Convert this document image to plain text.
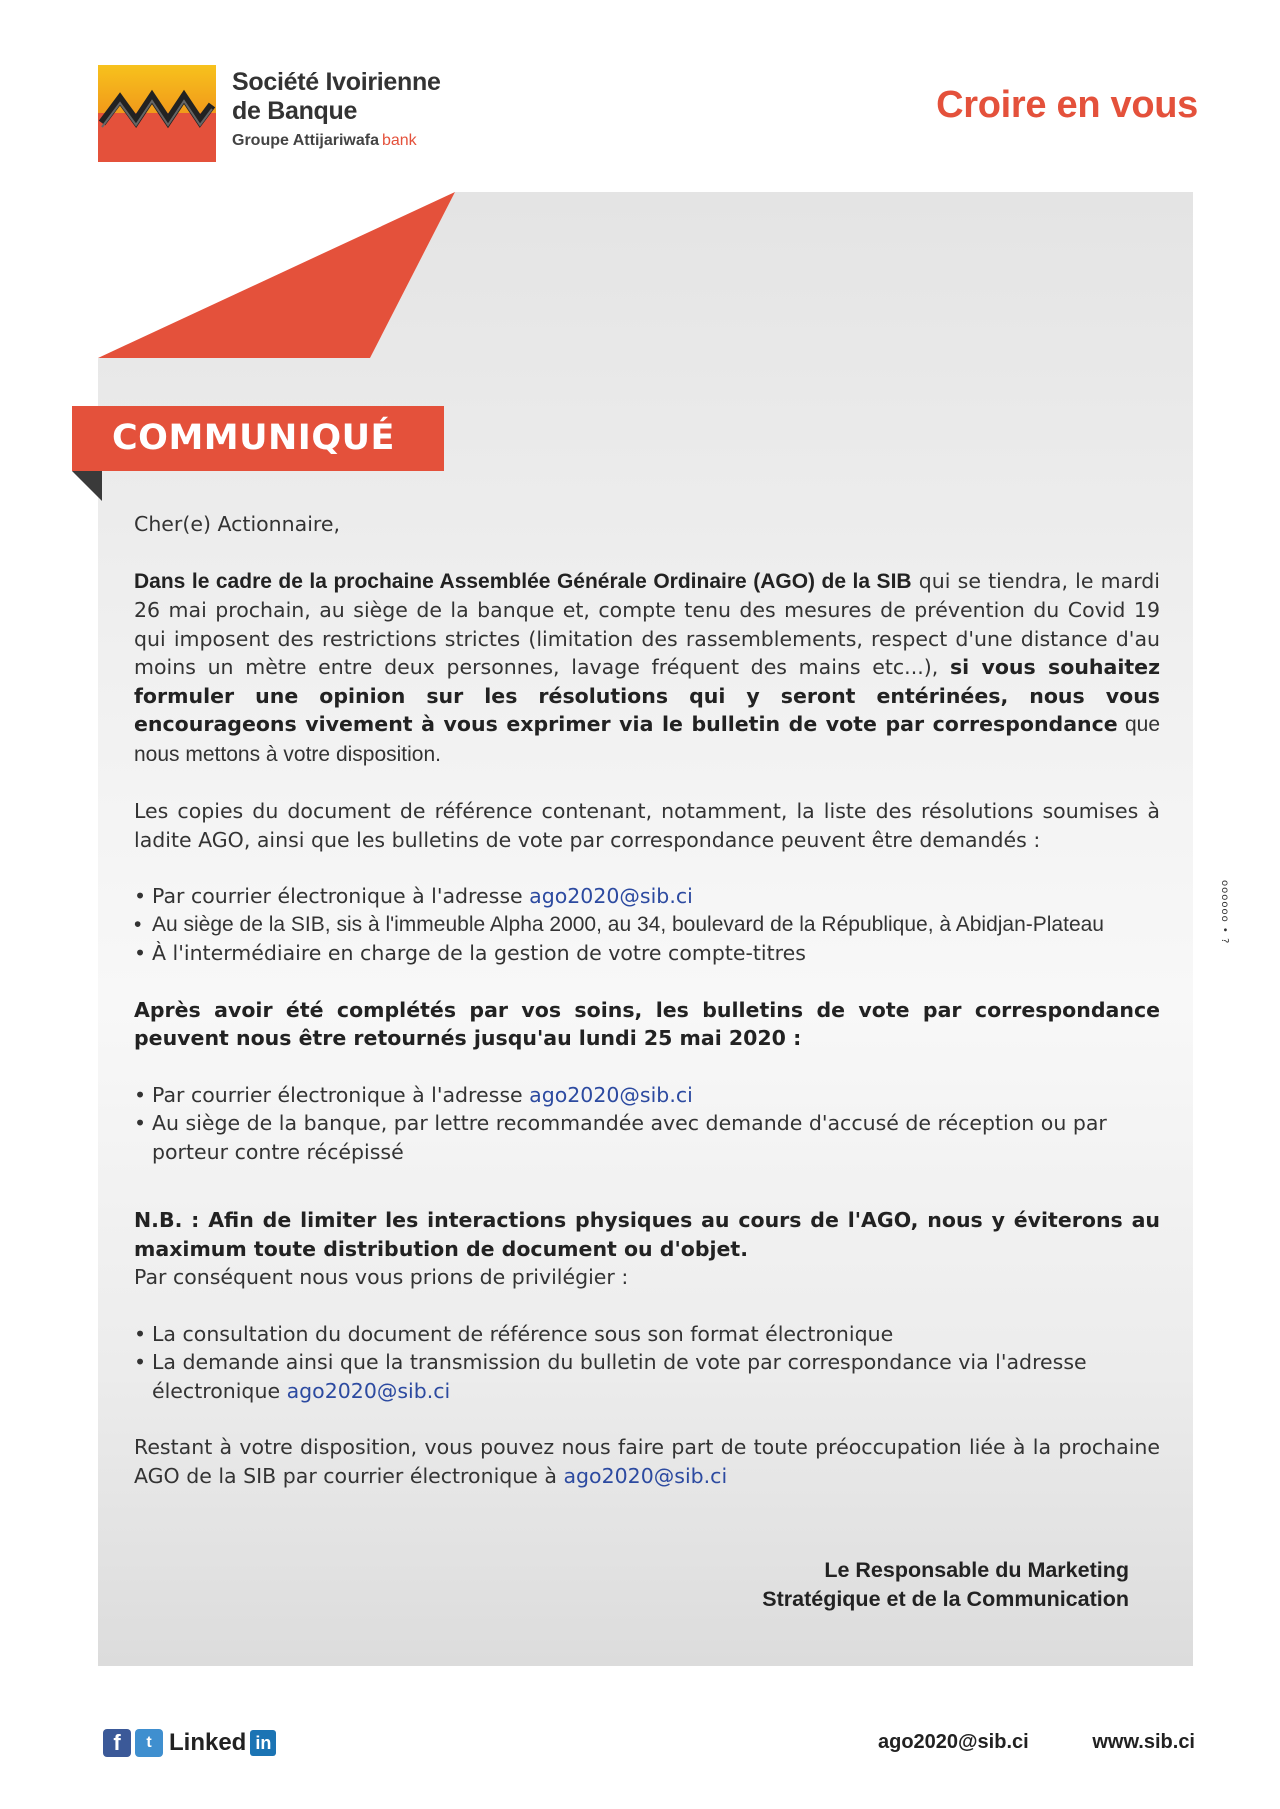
Société Ivoirienne
de Banque
Groupe Attijariwafa bank
Croire en vous
COMMUNIQUÉ
oooooo • ?

Cher(e) Actionnaire,

Dans le cadre de la prochaine Assemblée Générale Ordinaire (AGO) de la SIB qui se tiendra, le mardi 26 mai prochain, au siège de la banque et, compte tenu des mesures de prévention du Covid 19 qui imposent des restrictions strictes (limitation des rassemblements, respect d'une distance d'au moins un mètre entre deux personnes, lavage fréquent des mains etc...), si vous souhaitez formuler une opinion sur les résolutions qui y seront entérinées, nous vous encourageons vivement à vous exprimer via le bulletin de vote par correspondance que nous mettons à votre disposition.

Les copies du document de référence contenant, notamment, la liste des résolutions soumises à ladite AGO, ainsi que les bulletins de vote par correspondance peuvent être demandés :

• Par courrier électronique à l'adresse ago2020@sib.ci
• Au siège de la SIB, sis à l'immeuble Alpha 2000, au 34, boulevard de la République, à Abidjan-Plateau
• À l'intermédiaire en charge de la gestion de votre compte-titres

Après avoir été complétés par vos soins, les bulletins de vote par correspondance peuvent nous être retournés jusqu'au lundi 25 mai 2020 :

• Par courrier électronique à l'adresse ago2020@sib.ci
• Au siège de la banque, par lettre recommandée avec demande d'accusé de réception ou par porteur contre récépissé

N.B. : Afin de limiter les interactions physiques au cours de l'AGO, nous y éviterons au maximum toute distribution de document ou d'objet.

Par conséquent nous vous prions de privilégier :

• La consultation du document de référence sous son format électronique
• La demande ainsi que la transmission du bulletin de vote par correspondance via l'adresse électronique ago2020@sib.ci

Restant à votre disposition, vous pouvez nous faire part de toute préoccupation liée à la prochaine AGO de la SIB par courrier électronique à ago2020@sib.ci

Le Responsable du Marketing
Stratégique et de la Communication
f	t Linked in	ago2020@sib.ci	www.sib.ci
